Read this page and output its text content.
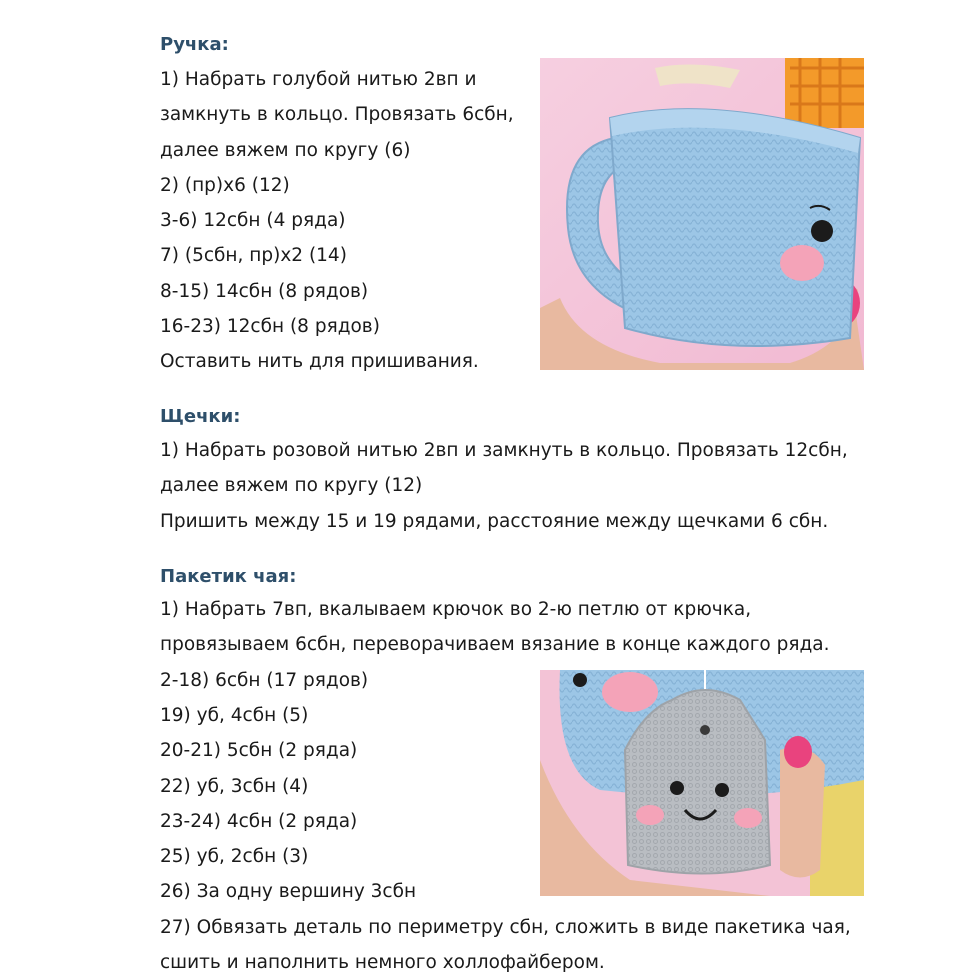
Ручка:

1) Набрать голубой нитью 2вп и

замкнуть в кольцо. Провязать 6сбн,

далее вяжем по кругу (6)

2) (пр)х6 (12)

3-6) 12сбн (4 ряда)

7) (5сбн, пр)х2 (14)

8-15) 14сбн (8 рядов)

16-23) 12сбн (8 рядов)

Оставить нить для пришивания.

Щечки:

1) Набрать розовой нитью 2вп и замкнуть в кольцо. Провязать 12сбн,

далее вяжем по кругу (12)

Пришить между 15 и 19 рядами, расстояние между щечками 6 сбн.

Пакетик чая:

1) Набрать 7вп, вкалываем крючок во 2-ю петлю от крючка,

провязываем 6сбн, переворачиваем вязание в конце каждого ряда.

2-18) 6сбн (17 рядов)

19) уб, 4сбн (5)

20-21) 5сбн (2 ряда)

22) уб, 3сбн (4)

23-24) 4сбн (2 ряда)

25) уб, 2сбн (3)

26) За одну вершину 3сбн

27) Обвязать деталь по периметру сбн, сложить в виде пакетика чая,

сшить и наполнить немного холлофайбером.
